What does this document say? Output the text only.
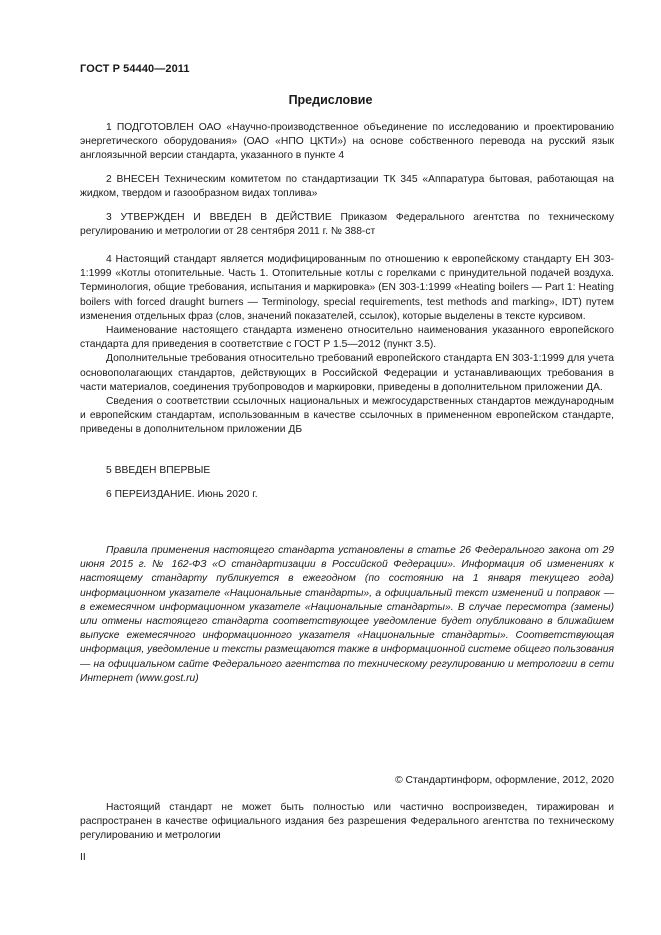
ГОСТ Р 54440—2011
Предисловие

1 ПОДГОТОВЛЕН ОАО «Научно-производственное объединение по исследованию и проектированию энергетического оборудования» (ОАО «НПО ЦКТИ») на основе собственного перевода на русский язык англоязычной версии стандарта, указанного в пункте 4

2 ВНЕСЕН Техническим комитетом по стандартизации ТК 345 «Аппаратура бытовая, работающая на жидком, твердом и газообразном видах топлива»

3 УТВЕРЖДЕН И ВВЕДЕН В ДЕЙСТВИЕ Приказом Федерального агентства по техническому регулированию и метрологии от 28 сентября 2011 г. № 388-ст

4 Настоящий стандарт является модифицированным по отношению к европейскому стандарту ЕН 303-1:1999 «Котлы отопительные. Часть 1. Отопительные котлы с горелками с принудительной подачей воздуха. Терминология, общие требования, испытания и маркировка» (EN 303-1:1999 «Heating boilers — Part 1: Heating boilers with forced draught burners — Terminology, special requirements, test methods and marking», IDT) путем изменения отдельных фраз (слов, значений показателей, ссылок), которые выделены в тексте курсивом.

Наименование настоящего стандарта изменено относительно наименования указанного европейского стандарта для приведения в соответствие с ГОСТ Р 1.5—2012 (пункт 3.5).

Дополнительные требования относительно требований европейского стандарта EN 303-1:1999 для учета основополагающих стандартов, действующих в Российской Федерации и устанавливающих требования в части материалов, соединения трубопроводов и маркировки, приведены в дополнительном приложении ДА.

Сведения о соответствии ссылочных национальных и межгосударственных стандартов международным и европейским стандартам, использованным в качестве ссылочных в примененном европейском стандарте, приведены в дополнительном приложении ДБ

5 ВВЕДЕН ВПЕРВЫЕ

6 ПЕРЕИЗДАНИЕ. Июнь 2020 г.

Правила применения настоящего стандарта установлены в статье 26 Федерального закона от 29 июня 2015 г. № 162-ФЗ «О стандартизации в Российской Федерации». Информация об изменениях к настоящему стандарту публикуется в ежегодном (по состоянию на 1 января текущего года) информационном указателе «Национальные стандарты», а официальный текст изменений и поправок — в ежемесячном информационном указателе «Национальные стандарты». В случае пересмотра (замены) или отмены настоящего стандарта соответствующее уведомление будет опубликовано в ближайшем выпуске ежемесячного информационного указателя «Национальные стандарты». Соответствующая информация, уведомление и тексты размещаются также в информационной системе общего пользования — на официальном сайте Федерального агентства по техническому регулированию и метрологии в сети Интернет (www.gost.ru)

© Стандартинформ, оформление, 2012, 2020

Настоящий стандарт не может быть полностью или частично воспроизведен, тиражирован и распространен в качестве официального издания без разрешения Федерального агентства по техническому регулированию и метрологии

II
